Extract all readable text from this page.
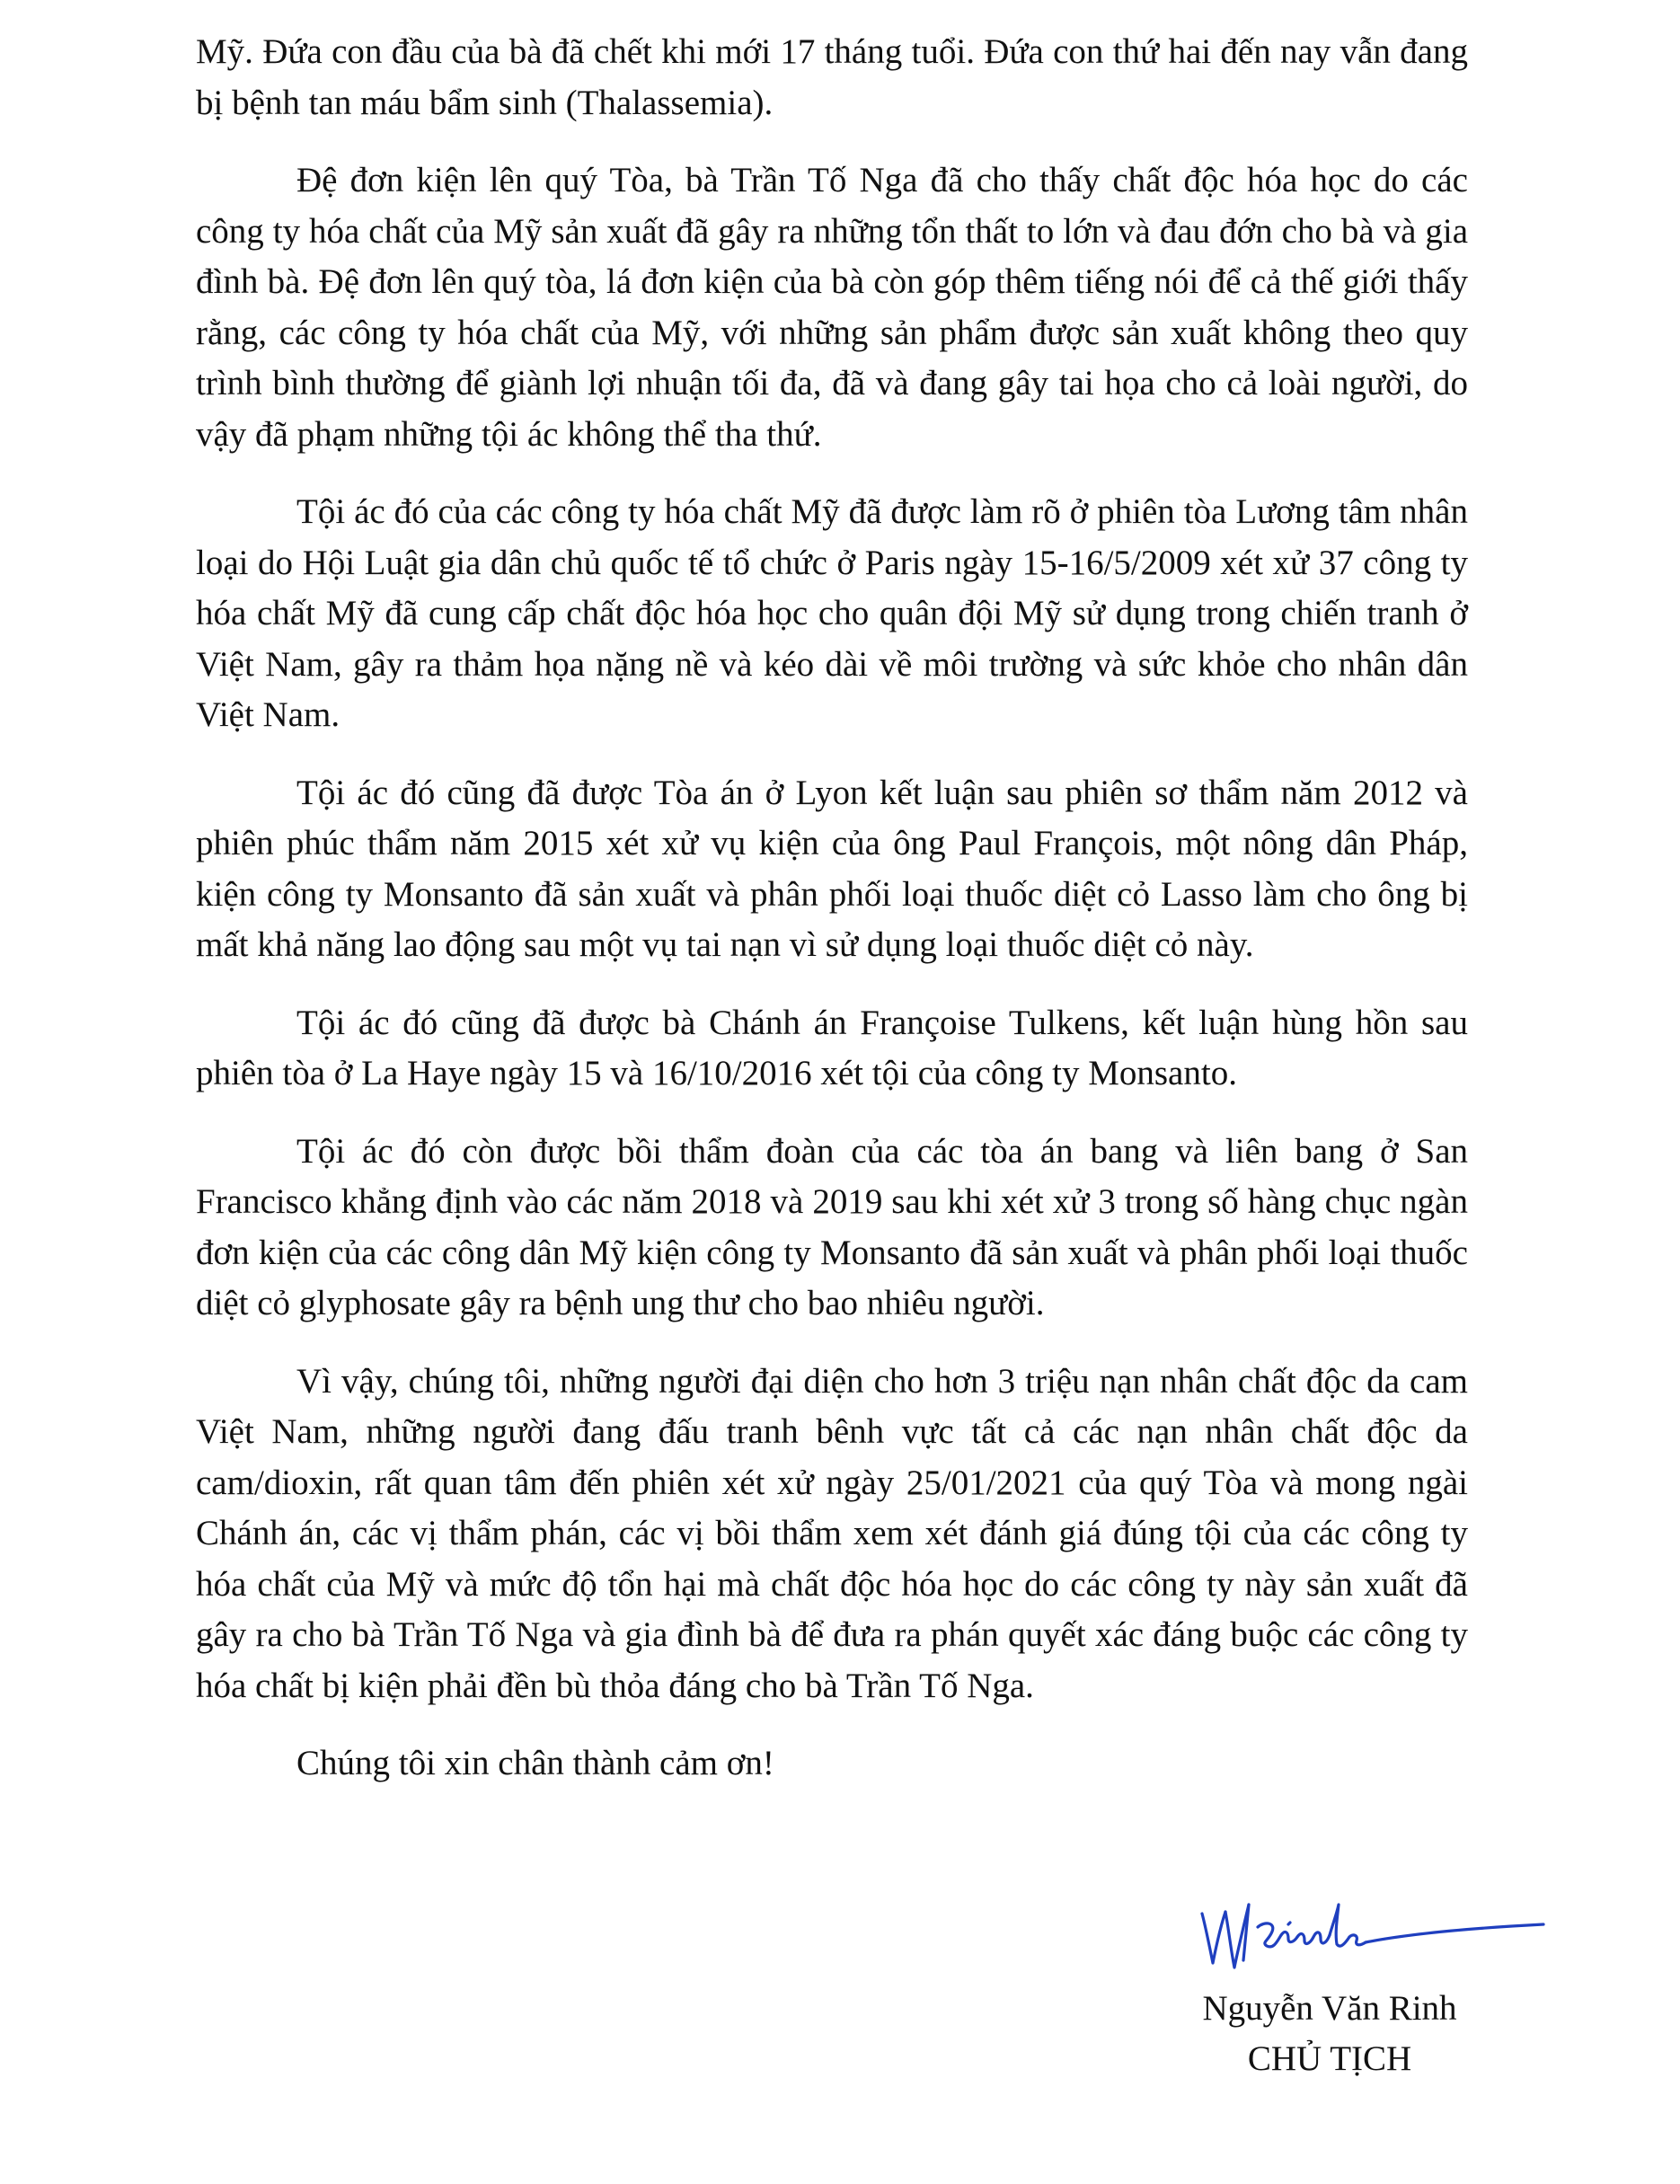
Mỹ. Đứa con đầu của bà đã chết khi mới 17 tháng tuổi. Đứa con thứ hai đến nay vẫn đang bị bệnh tan máu bẩm sinh (Thalassemia).

Đệ đơn kiện lên quý Tòa, bà Trần Tố Nga đã cho thấy chất độc hóa học do các công ty hóa chất của Mỹ sản xuất đã gây ra những tổn thất to lớn và đau đớn cho bà và gia đình bà. Đệ đơn lên quý tòa, lá đơn kiện của bà còn góp thêm tiếng nói để cả thế giới thấy rằng, các công ty hóa chất của Mỹ, với những sản phẩm được sản xuất không theo quy trình bình thường để giành lợi nhuận tối đa, đã và đang gây tai họa cho cả loài người, do vậy đã phạm những tội ác không thể tha thứ.

Tội ác đó của các công ty hóa chất Mỹ đã được làm rõ ở phiên tòa Lương tâm nhân loại do Hội Luật gia dân chủ quốc tế tổ chức ở Paris ngày 15-16/5/2009 xét xử 37 công ty hóa chất Mỹ đã cung cấp chất độc hóa học cho quân đội Mỹ sử dụng trong chiến tranh ở Việt Nam, gây ra thảm họa nặng nề và kéo dài về môi trường và sức khỏe cho nhân dân Việt Nam.

Tội ác đó cũng đã được Tòa án ở Lyon kết luận sau phiên sơ thẩm năm 2012 và phiên phúc thẩm năm 2015 xét xử vụ kiện của ông Paul François, một nông dân Pháp, kiện công ty Monsanto đã sản xuất và phân phối loại thuốc diệt cỏ Lasso làm cho ông bị mất khả năng lao động sau một vụ tai nạn vì sử dụng loại thuốc diệt cỏ này.

Tội ác đó cũng đã được bà Chánh án Françoise Tulkens, kết luận hùng hồn sau phiên tòa ở La Haye ngày 15 và 16/10/2016 xét tội của công ty Monsanto.

Tội ác đó còn được bồi thẩm đoàn của các tòa án bang và liên bang ở San Francisco khẳng định vào các năm 2018 và 2019 sau khi xét xử 3 trong số hàng chục ngàn đơn kiện của các công dân Mỹ kiện công ty Monsanto đã sản xuất và phân phối loại thuốc diệt cỏ glyphosate gây ra bệnh ung thư cho bao nhiêu người.

Vì vậy, chúng tôi, những người đại diện cho hơn 3 triệu nạn nhân chất độc da cam Việt Nam, những người đang đấu tranh bênh vực tất cả các nạn nhân chất độc da cam/dioxin, rất quan tâm đến phiên xét xử ngày 25/01/2021 của quý Tòa và mong ngài Chánh án, các vị thẩm phán, các vị bồi thẩm xem xét đánh giá đúng tội của các công ty hóa chất của Mỹ và mức độ tổn hại mà chất độc hóa học do các công ty này sản xuất đã gây ra cho bà Trần Tố Nga và gia đình bà để đưa ra phán quyết xác đáng buộc các công ty hóa chất bị kiện phải đền bù thỏa đáng cho bà Trần Tố Nga.

Chúng tôi xin chân thành cảm ơn!

Nguyễn Văn Rinh
CHỦ TỊCH
